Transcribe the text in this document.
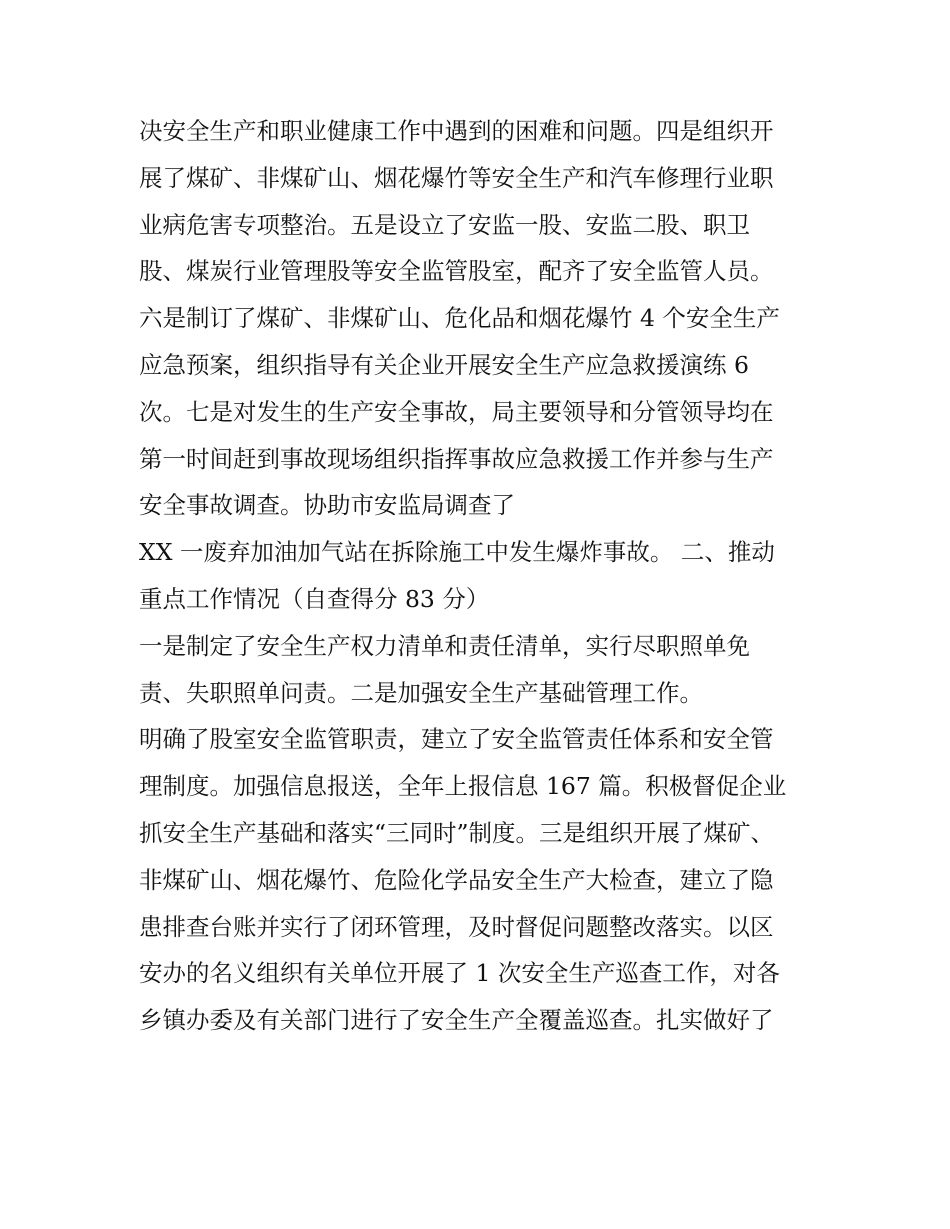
决安全生产和职业健康工作中遇到的困难和问题。四是组织开
展了煤矿、非煤矿山、烟花爆竹等安全生产和汽车修理行业职
业病危害专项整治。五是设立了安监一股、安监二股、职卫
股、煤炭行业管理股等安全监管股室，配齐了安全监管人员。
六是制订了煤矿、非煤矿山、危化品和烟花爆竹 4 个安全生产
应急预案，组织指导有关企业开展安全生产应急救援演练 6
次。七是对发生的生产安全事故，局主要领导和分管领导均在
第一时间赶到事故现场组织指挥事故应急救援工作并参与生产
安全事故调查。协助市安监局调查了
XX 一废弃加油加气站在拆除施工中发生爆炸事故。 二、推动
重点工作情况（自查得分 83 分）
一是制定了安全生产权力清单和责任清单，实行尽职照单免
责、失职照单问责。二是加强安全生产基础管理工作。
明确了股室安全监管职责，建立了安全监管责任体系和安全管
理制度。加强信息报送，全年上报信息 167 篇。积极督促企业
抓安全生产基础和落实“三同时”制度。三是组织开展了煤矿、
非煤矿山、烟花爆竹、危险化学品安全生产大检查，建立了隐
患排查台账并实行了闭环管理，及时督促问题整改落实。以区
安办的名义组织有关单位开展了 1 次安全生产巡查工作，对各
乡镇办委及有关部门进行了安全生产全覆盖巡查。扎实做好了
